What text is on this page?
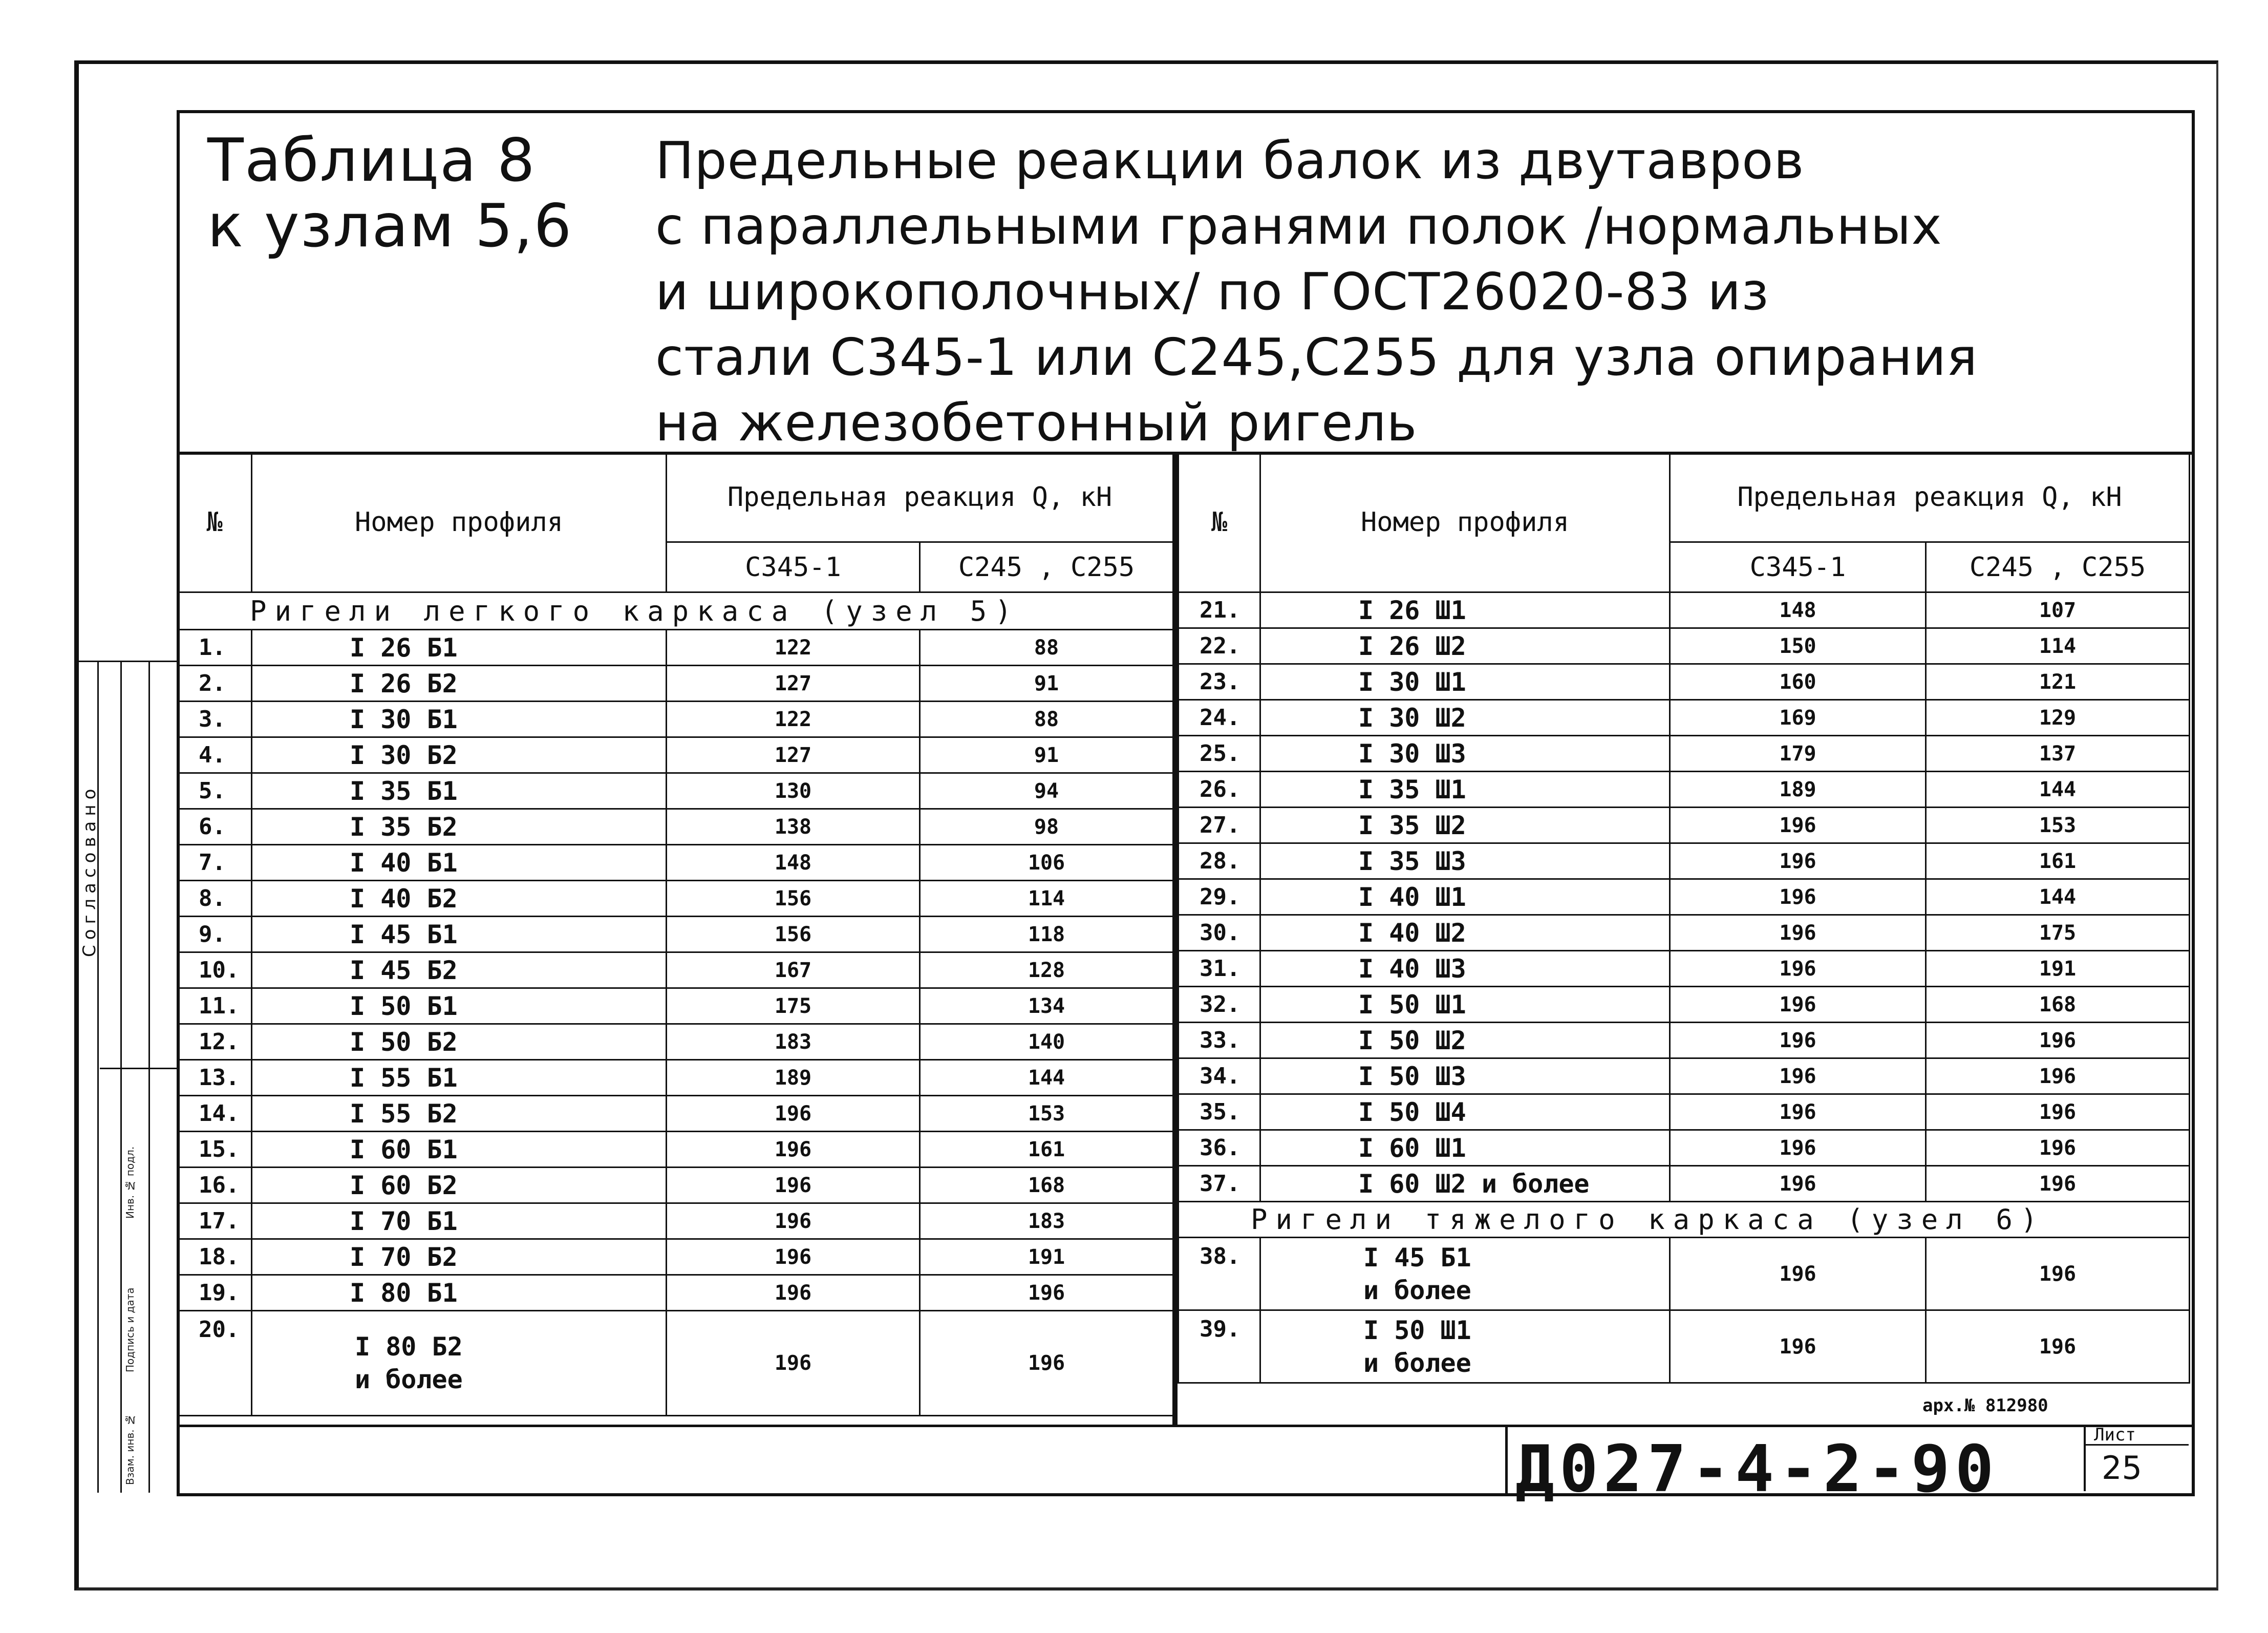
Таблица 8
к узлам 5,6
Предельные реакции балок из двутавров
с параллельными гранями полок /нормальных
и широкополочных/ по ГОСТ26020-83 из
стали С345-1 или С245,С255 для узла опирания
на железобетонный ригель
№	Номер профиля	Предельная реакция Q, кН	
		С345-1	С245 , С255
Ригели легкого каркаса (узел 5)			
1.	I 26 Б1	122	88
2.	I 26 Б2	127	91
3.	I 30 Б1	122	88
4.	I 30 Б2	127	91
5.	I 35 Б1	130	94
6.	I 35 Б2	138	98
7.	I 40 Б1	148	106
8.	I 40 Б2	156	114
9.	I 45 Б1	156	118
10.	I 45 Б2	167	128
11.	I 50 Б1	175	134
12.	I 50 Б2	183	140
13.	I 55 Б1	189	144
14.	I 55 Б2	196	153
15.	I 60 Б1	196	161
16.	I 60 Б2	196	168
17.	I 70 Б1	196	183
18.	I 70 Б2	196	191
19.	I 80 Б1	196	196
20.	I 80 Б2
и более	196	196
№	Номер профиля	Предельная реакция Q, кН	
		С345-1	С245 , С255
21.	I 26 Ш1	148	107
22.	I 26 Ш2	150	114
23.	I 30 Ш1	160	121
24.	I 30 Ш2	169	129
25.	I 30 Ш3	179	137
26.	I 35 Ш1	189	144
27.	I 35 Ш2	196	153
28.	I 35 Ш3	196	161
29.	I 40 Ш1	196	144
30.	I 40 Ш2	196	175
31.	I 40 Ш3	196	191
32.	I 50 Ш1	196	168
33.	I 50 Ш2	196	196
34.	I 50 Ш3	196	196
35.	I 50 Ш4	196	196
36.	I 60 Ш1	196	196
37.	I 60 Ш2 и более	196	196
Ригели тяжелого каркаса (узел 6)			
38.	I 45 Б1
и более	196	196
39.	I 50 Ш1
и более	196	196
Согласовано
Инв. № подл.
Подпись и дата
Взам. инв. №
арх.№ 812980
Д027-4-2-90	Лист
25
